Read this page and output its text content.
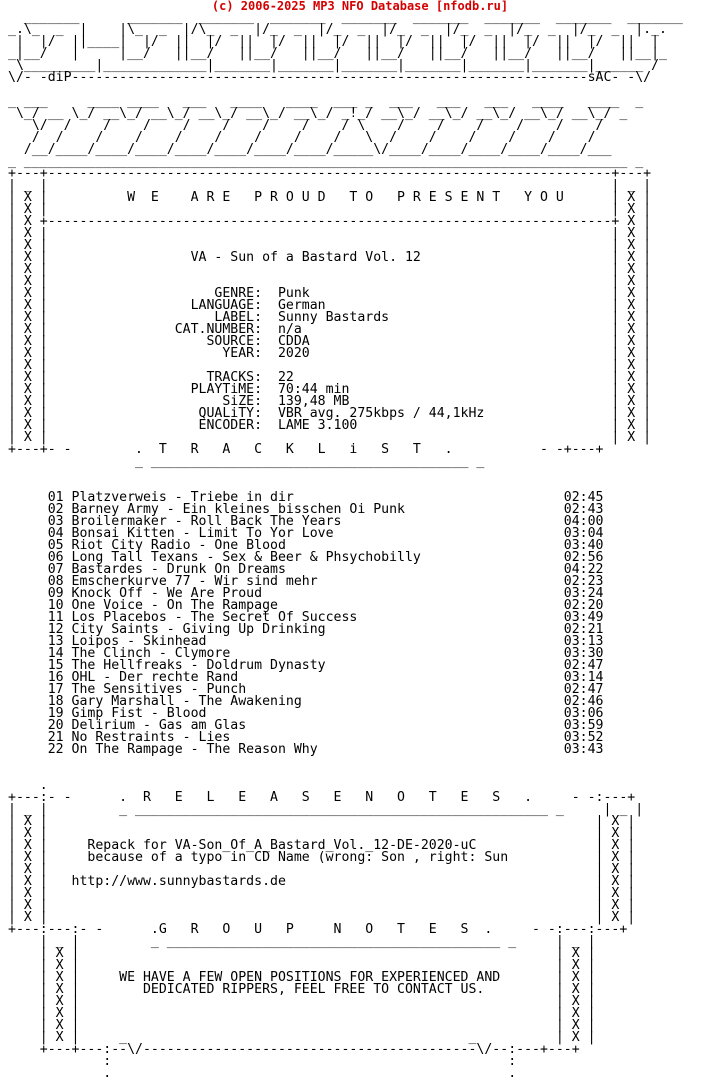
(c) 2006-2025 MP3 NFO Database [nfodb.ru]
_______      _______  _______  _______  _______  _______  _______  _______  _______
_.\_  _  |    |\_  _  |/\_  _  |/_  _  |/_  _  |/_  _  |/_  _  |/_  _  |/_  _  |._.
|  |/  ||____|  |/  ||  |/  ||  |/  ||  |/  ||  |/  ||  |/  ||  |/  ||  |/  ||  |
_|__/   |     |__/   ||__/   ||__/   ||__/   ||__/   ||__/   ||__/   ||__/   ||__|_
\_________|_____________|_______|_______|_______|_______|_______|_______|______ /
\/- -diP-----------------------------------------------------------------sAC- -\/

_ ___     ____ ____   ___   ____   ____  ___ _  ___   ___   ___   ____   ____  _
\_/ __ \_/ __\_/ __\_/ __\_/ __\_/ __\_/ _!_/ __\_/ __\_/ __\_/ __\_/ __\_/ _
\/  /    /    /    /    /    /    /    / \    /    /    /    /    /    /
/  /    /    /    /    /    /    /    /   \  /    /    /    /    /    /
/__/____/____/____/____/____/____/____/_____\/____/____/____/____/____/___
_ ____________________________________________________________________________ _
+---+-----------------------------------------------------------------------+---+
| _ |                                                                       | _ |
| X |          W  E    A R E   P R O U D   T O   P R E S E N T   Y O U      | X |
| X |                                                                       | X |
| X +-----------------------------------------------------------------------+ X |
| X |                                                                       | X |
| X |                                                                       | X |
| X |                  VA - Sun of a Bastard Vol. 12                        | X |
| X |                                                                       | X |
| X |                                                                       | X |
| X |                     GENRE:  Punk                                      | X |
| X |                  LANGUAGE:  German                                    | X |
| X |                     LABEL:  Sunny Bastards                            | X |
| X |                CAT.NUMBER:  n/a                                       | X |
| X |                    SOURCE:  CDDA                                      | X |
| X |                      YEAR:  2020                                      | X |
| X |                                                                       | X |
| X |                    TRACKS:  22                                        | X |
| X |                  PLAYTiME:  70:44 min                                 | X |
| X |                      SiZE:  139,48 MB                                 | X |
| X |                   QUALiTY:  VBR avg. 275kbps / 44,1kHz                | X |
| X |                   ENCODER:  LAME 3.100                                | X |
| X |                                                                       | X |
+---+- -        .  T   R   A   C   K   L   i   S   T   .           - -+---+
_ ________________________________________ _

01 Platzverweis - Triebe in dir                                  02:45
02 Barney Army - Ein kleines bisschen Oi Punk                    02:43
03 Broilermaker - Roll Back The Years                            04:00
04 Bonsai Kitten - Limit To Yor Love                             03:04
05 Riot City Radio - One Blood                                   03:40
06 Long Tall Texans - Sex & Beer & Phsychobilly                  02:56
07 Bastardes - Drunk On Dreams                                   04:22
08 Emscherkurve 77 - Wir sind mehr                               02:23
09 Knock Off - We Are Proud                                      03:24
10 One Voice - On The Rampage                                    02:20
11 Los Placebos - The Secret Of Success                          03:49
12 City Saints - Giving Up Drinking                              02:21
13 Loipos - Skinhead                                             03:13
14 The Clinch - Clymore                                          03:30
15 The Hellfreaks - Doldrum Dynasty                              02:47
16 OHL - Der rechte Rand                                         03:14
17 The Sensitives - Punch                                        02:47
18 Gary Marshall - The Awakening                                 02:46
19 Gimp Fist - Blood                                             03:06
20 Delirium - Gas am Glas                                        03:59
21 No Restraints - Lies                                          03:52
22 On The Rampage - The Reason Why                               03:43

.
+---:- -      .  R   E   L   E   A   S   E   N   O   T   E   S   .     - -:---+
| _ |         _ ____________________________________________________ _     | _ |
| X |                                                                     | X |
| X |                                                                     | X |
| X |     Repack for VA-Son_Of_A_Bastard_Vol._12-DE-2020-uC               | X |
| X |     because of a typo in CD Name (wrong: Son , right: Sun           | X |
| X |                                                                     | X |
| X |   http://www.sunnybastards.de                                       | X |
| X |                                                                     | X |
| X |                                                                     | X |
| X |                                                                     | X |
+---:---:- -      .G   R   O   U   P     N   O   T   E   S  .     - -:---:---+
| _ |         _ __________________________________________ _     | _ |
| X |                                                            | X |
| X |                                                            | X |
| X |     WE HAVE A FEW OPEN POSITIONS FOR EXPERIENCED AND       | X |
| X |        DEDICATED RIPPERS, FEEL FREE TO CONTACT US.         | X |
| X |                                                            | X |
| X |                                                            | X |
| X |                                                            | X |
| X |     _                                           _          | X |
+---+---:--\/------------------------------------------\/--:---+---+
:                                                  :
.                                                  .
